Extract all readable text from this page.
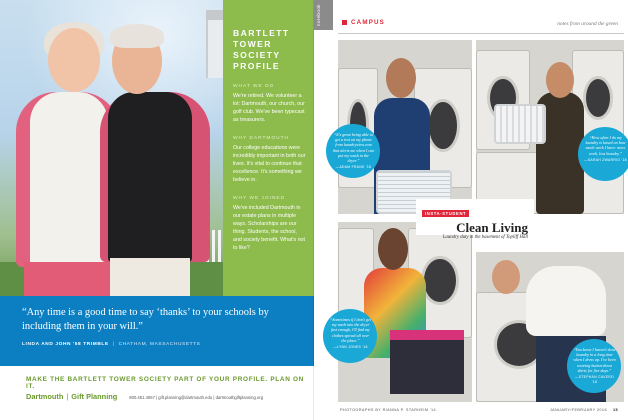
BARTLETT TOWER SOCIETY PROFILE
WHAT WE DO
We're retired. We volunteer a lot: Dartmouth, our church, our golf club. We've been typecast as treasurers.
WHY DARTMOUTH
Our college educations were incredibly important in both our lives. It's vital to continue that excellence. It's something we believe in.
WHY WE JOINED
We've included Dartmouth in our estate plans in multiple ways. Scholarships are our thing. Students, the school, and society benefit. What's not to like?
“Any time is a good time to say ‘thanks’ to your schools by including them in your will.”
LINDA AND JOHN '58 TRIMBLE | CHATHAM, MASSACHUSETTS
MAKE THE BARTLETT TOWER SOCIETY PART OF YOUR PROFILE. PLAN ON IT.
Dartmouth | Gift Planning	800.451.4067 | gift.planning@dartmouth.edu | dartmouthgiftplanning.org
notebook	CAMPUS	notes from around the green
INSTA-STUDENT
Clean Living
Laundry duty in the basement of Topliff Hall
“It's great being able to get a text on my phone from laundryview.com that alerts me when I can put my wash in the dryer.”
—ADAM FRANK '18
“How often I do my laundry is based on how much work I have: more work, less laundry.”
—SARAH ZWARRIO '18
“Sometimes if I don't get my wash into the dryer fast enough, I'll find my clothes spread all over the place.”
—LYNN JONES '18	“You know I haven't done laundry in a long time when I dress up. I've been wearing button-down shirts for five days.”
—STEPHAN CAVERO '18
PHOTOGRAPHS BY RIANNA P. STARHEIM '14	JANUARY/FEBRUARY 2016 15
